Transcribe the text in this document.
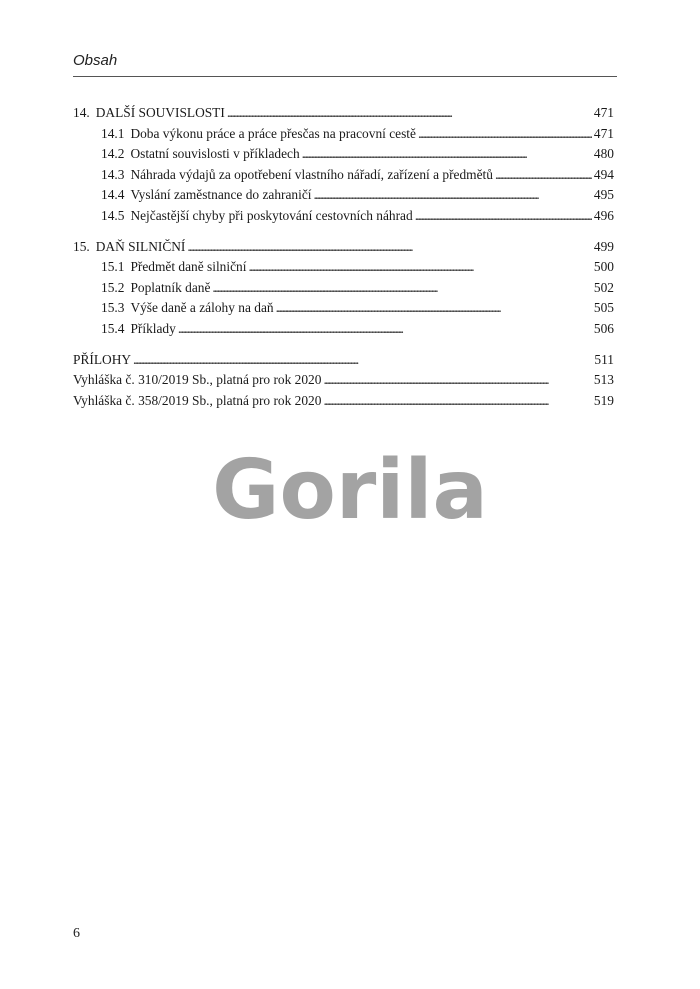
Obsah
14. DALŠÍ SOUVISLOSTI . . .	471
14.1 Doba výkonu práce a práce přesčas na pracovní cestě . . .	471
14.2 Ostatní souvislosti v příkladech . . .	480
14.3 Náhrada výdajů za opotřebení vlastního nářadí, zařízení a předmětů . . .	494
14.4 Vyslání zaměstnance do zahraničí . . .	495
14.5 Nejčastější chyby při poskytování cestovních náhrad . . .	496
15. DAŇ SILNIČNÍ . . .	499
15.1 Předmět daně silniční . . .	500
15.2 Poplatník daně . . .	502
15.3 Výše daně a zálohy na daň . . .	505
15.4 Příklady . . .	506
PŘÍLOHY . . .	511
Vyhláška č. 310/2019 Sb., platná pro rok 2020 . . .	513
Vyhláška č. 358/2019 Sb., platná pro rok 2020 . . .	519
Gorila
6
